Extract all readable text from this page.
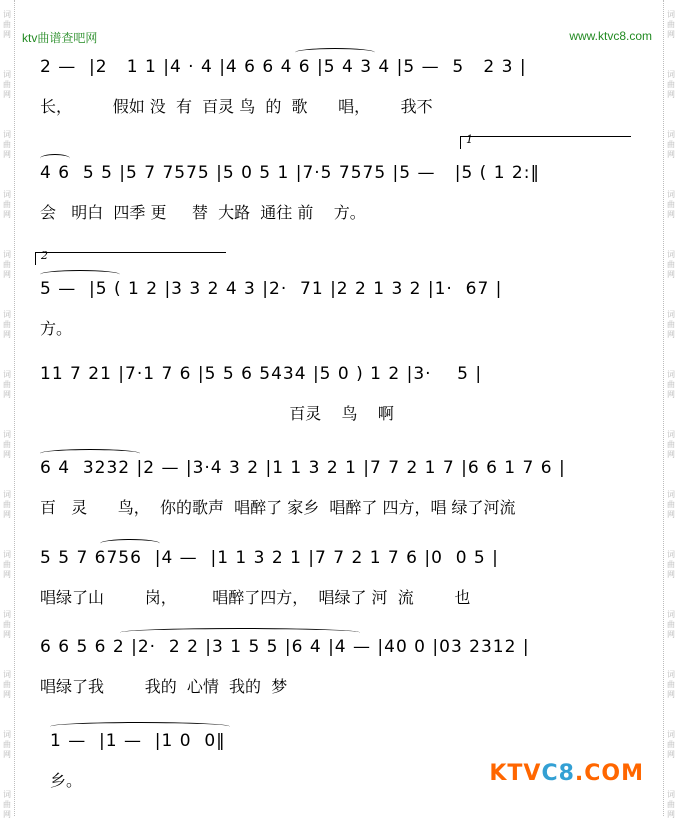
词
曲
网
词
曲
网
词
曲
网
词
曲
网
词
曲
网
词
曲
网
词
曲
网
词
曲
网
词
曲
网
词
曲
网
词
曲
网
词
曲
网
词
曲
网
词
曲
网
词
曲
网
词
曲
网
词
曲
网
词
曲
网
词
曲
网
词
曲
网
词
曲
网
词
曲
网
词
曲
网
词
曲
网
词
曲
网
词
曲
网
词
曲
网
词
曲
网
ktv曲谱查吧网	www.ktvc8.com
2 —  |2   1 1 |4 · 4 |4 6 6 4 6 |5 4 3 4 |5 —  5   2 3 |
长，        假如 没  有  百灵 鸟  的  歌      唱，      我不
1
4 6  5 5 |5 7 7575 |5 0 5 1 |7·5 7575 |5 —   |5 ( 1 2:‖
会   明白  四季 更     替  大路  通往 前    方。
2
5 —  |5 ( 1 2 |3 3 2 4 3 |2·  71 |2 2 1 3 2 |1·  67 |
方。
11 7 21 |7·1 7 6 |5 5 6 5434 |5 0 ) 1 2 |3·    5 |
百灵    鸟    啊
6 4  3232 |2 — |3·4 3 2 |1 1 3 2 1 |7 7 2 1 7 |6 6 1 7 6 |
百   灵      鸟，  你的歌声  唱醉了 家乡  唱醉了 四方，唱 绿了河流
5 5 7 6756  |4 —  |1 1 3 2 1 |7 7 2 1 7 6 |0  0 5 |
唱绿了山        岗，       唱醉了四方，  唱绿了 河  流        也
6 6 5 6 2 |2·  2 2 |3 1 5 5 |6 4 |4 — |40 0 |03 2312 |
唱绿了我        我的  心情  我的  梦
1 —  |1 —  |1 0  0‖
乡。	KTVC8.COM
